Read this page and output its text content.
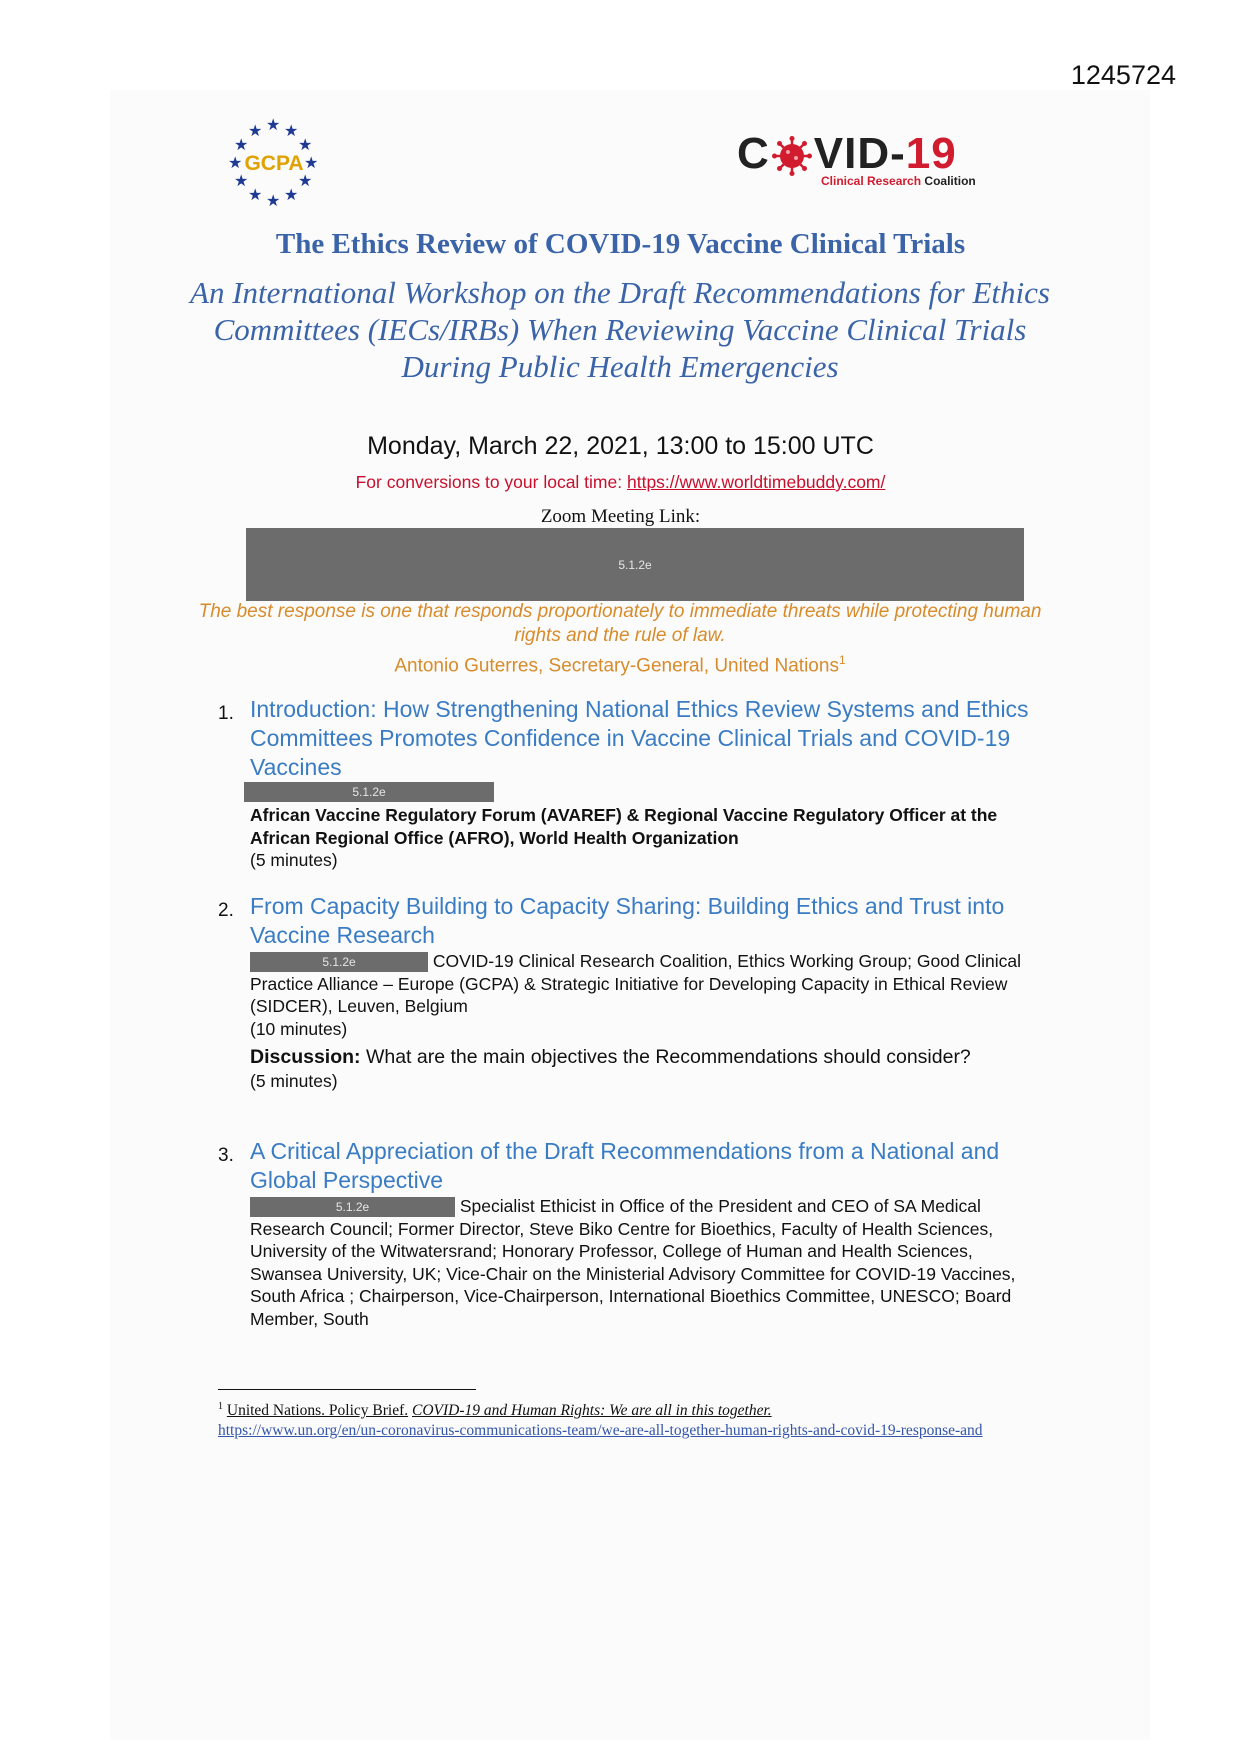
1245724
★
★ ★
★	★
★	★
★	★
★ ★
★
GCPA	C VID-19
Clinical Research Coalition
The Ethics Review of COVID-19 Vaccine Clinical Trials
An International Workshop on the Draft Recommendations for Ethics Committees (IECs/IRBs) When Reviewing Vaccine Clinical Trials During Public Health Emergencies
Monday, March 22, 2021, 13:00 to 15:00 UTC
For conversions to your local time: https://www.worldtimebuddy.com/
Zoom Meeting Link:
5.1.2e
The best response is one that responds proportionately to immediate threats while protecting human rights and the rule of law.
Antonio Guterres, Secretary-General, United Nations$^1$
1. Introduction: How Strengthening National Ethics Review Systems and Ethics Committees Promotes Confidence in Vaccine Clinical Trials and COVID-19 Vaccines
5.1.2e
African Vaccine Regulatory Forum (AVAREF) & Regional Vaccine Regulatory Officer at the African Regional Office (AFRO), World Health Organization
(5 minutes)
2. From Capacity Building to Capacity Sharing: Building Ethics and Trust into Vaccine Research
5.1.2e	COVID-19 Clinical Research Coalition, Ethics Working Group; Good Clinical Practice Alliance – Europe (GCPA) & Strategic Initiative for Developing Capacity in Ethical Review (SIDCER), Leuven, Belgium
(10 minutes)
Discussion: What are the main objectives the Recommendations should consider?
(5 minutes)
3. A Critical Appreciation of the Draft Recommendations from a National and Global Perspective
5.1.2e	Specialist Ethicist in Office of the President and CEO of SA Medical Research Council; Former Director, Steve Biko Centre for Bioethics, Faculty of Health Sciences, University of the Witwatersrand; Honorary Professor, College of Human and Health Sciences, Swansea University, UK; Vice-Chair on the Ministerial Advisory Committee for COVID-19 Vaccines, South Africa ; Chairperson, Vice-Chairperson, International Bioethics Committee, UNESCO; Board Member, South
$^1$ United Nations. Policy Brief. COVID-19 and Human Rights: We are all in this together.
https://www.un.org/en/un-coronavirus-communications-team/we-are-all-together-human-rights-and-covid-19-response-and
